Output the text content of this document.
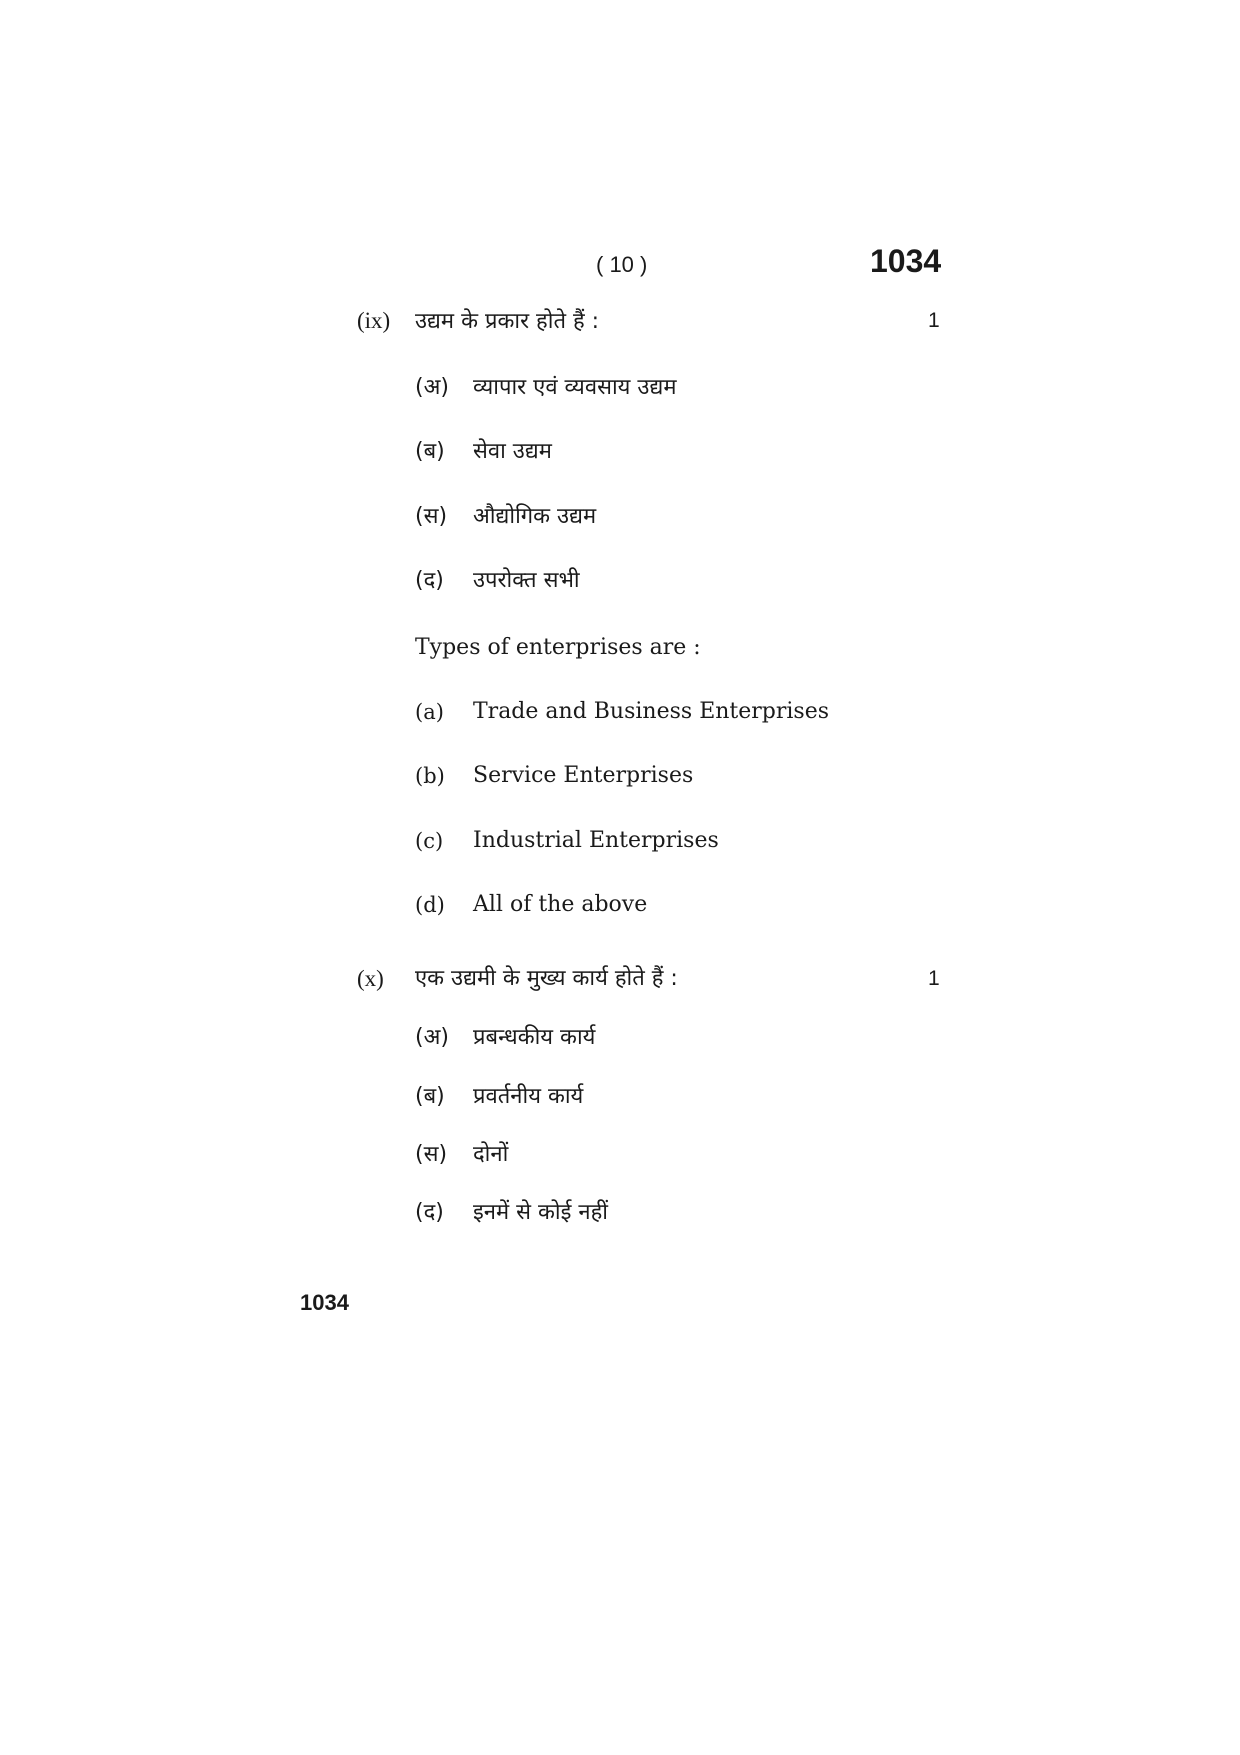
( 10 )	1034
(ix) उद्यम के प्रकार होते हैं :	1
(अ) व्यापार एवं व्यवसाय उद्यम
(ब) सेवा उद्यम
(स) औद्योगिक उद्यम
(द) उपरोक्त सभी
Types of enterprises are :
(a) Trade and Business Enterprises
(b) Service Enterprises
(c) Industrial Enterprises
(d) All of the above
(x) एक उद्यमी के मुख्य कार्य होते हैं :	1
(अ) प्रबन्धकीय कार्य
(ब) प्रवर्तनीय कार्य
(स) दोनों
(द) इनमें से कोई नहीं
1034
